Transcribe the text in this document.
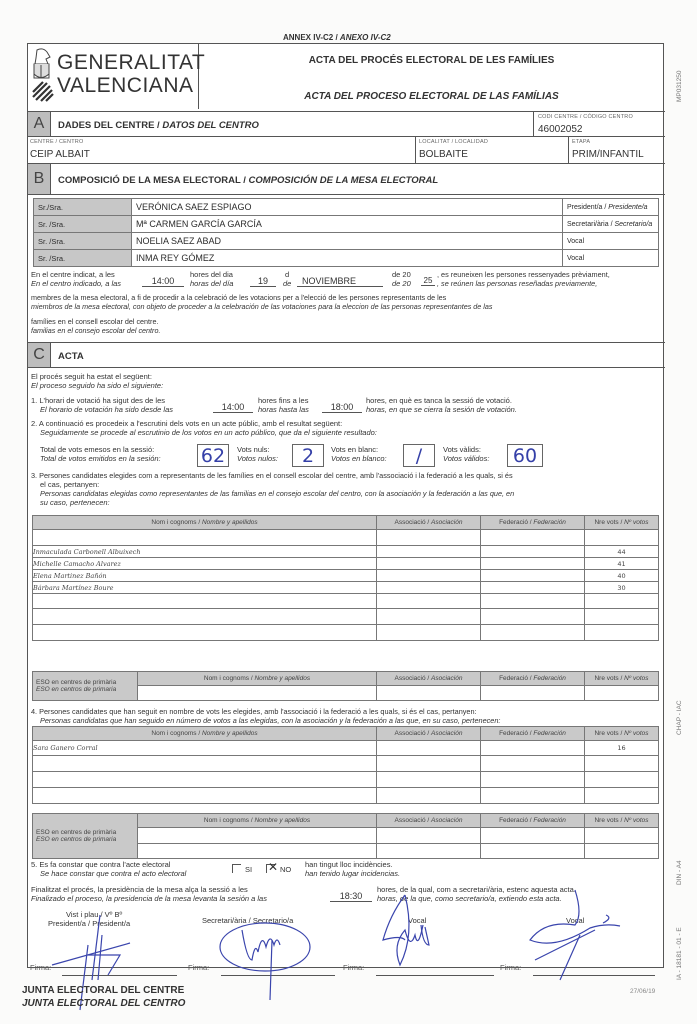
ANNEX IV-C2 / ANEXO IV-C2
GENERALITAT
VALENCIANA
ACTA DEL PROCÉS ELECTORAL DE LES FAMÍLIES
ACTA DEL PROCESO ELECTORAL DE LAS FAMÍLIAS	MP031250
A	DADES DEL CENTRE / DATOS DEL CENTRO
CODI CENTRE / CÓDIGO CENTRO
46002052
CENTRE / CENTRO
CEIP ALBAIT
LOCALITAT / LOCALIDAD
BOLBAITE
ETAPA
PRIM/INFANTIL
B	COMPOSICIÓ DE LA MESA ELECTORAL / COMPOSICIÓN DE LA MESA ELECTORAL
Sr./Sra.	VERÓNICA SAEZ ESPIAGO	President/a / Presidente/a
Sr. /Sra.	Mª CARMEN GARCÍA GARCÍA	Secretari/ària / Secretario/a
Sr. /Sra.	NOELIA SAEZ ABAD	Vocal
Sr. /Sra.	INMA REY GÓMEZ	Vocal
En el centre indicat, a les
En el centro indicado, a las	14:00
hores del dia
horas del día	19
d
de	NOVIEMBRE
de 20
de 20	25
, es reuneixen les persones ressenyades prèviament,
, se reúnen las personas reseñadas previamente,
membres de la mesa electoral, a fi de procedir a la celebració de les votacions per a l'elecció de les persones representants de les
miembros de la mesa electoral, con objeto de proceder a la celebración de las votaciones para la eleccion de las personas representantes de las
famílies en el consell escolar del centre.
familias en el consejo escolar del centro.
C	ACTA
El procés seguit ha estat el següent:
El proceso seguido ha sido el siguiente:
1. L'horari de votació ha sigut des de les
El horario de votación ha sido desde las	14:00
hores fins a les
horas hasta las	18:00
hores, en què es tanca la sessió de votació.
horas, en que se cierra la sesión de votación.
2. A continuació es procedeix a l'escrutini dels vots en un acte públic, amb el resultat següent:
Seguidamente se procede al escrutinio de los votos en un acto público, que da el siguiente resultado:
Total de vots emesos en la sessió:
Total de votos emitidos en la sesión: 62	Vots nuls:
Votos nulos:	2	Vots en blanc:
Votos en blanco:	/	Vots vàlids:
Votos válidos:	60
3. Persones candidates elegides com a representants de les famílies en el consell escolar del centre, amb l'associació i la federació a les quals, si és
el cas, pertanyen:
Personas candidatas elegidas como representantes de las familias en el consejo escolar del centro, con la asociación y la federación a las que, en
su caso, pertenecen:
Nom i cognoms / Nombre y apellidos	Associació / Asociación	Federació / Federación	Nre vots / Nº votos

Inmaculada Carbonell Albuixech			44
Michelle Camacho Alvarez			41
Elena Martinez Bañón			40
Bárbara Martínez Boure			30

ESO en centres de primària
ESO en centros de primaria	Nom i cognoms / Nombre y apellidos	Associació / Asociación	Federació / Federación	Nre vots / Nº votos

4. Persones candidates que han seguit en nombre de vots les elegides, amb l'associació i la federació a les quals, si és el cas, pertanyen:
Personas candidatas que han seguido en número de votos a las elegidas, con la asociación y la federación a las que, en su caso, pertenecen:
Nom i cognoms / Nombre y apellidos	Associació / Asociación	Federació / Federación	Nre vots / Nº votos
Sara Ganero Corral			16

ESO en centres de primària
ESO en centros de primaria	Nom i cognoms / Nombre y apellidos	Associació / Asociación	Federació / Federación	Nre vots / Nº votos

5. Es fa constar que contra l'acte electoral
Se hace constar que contra el acto electoral	SI ✕ NO
han tingut lloc incidències.
han tenido lugar incidencias.
Finalitzat el procés, la presidència de la mesa alça la sessió a les
Finalizado el proceso, la presidencia de la mesa levanta la sesión a las	18:30
hores, de la qual, com a secretari/ària, estenc aquesta acta.
horas, de la que, como secretario/a, extiendo esta acta.
Vist i plau / Vº Bº
President/a / President/a	Secretari/ària / Secretario/a	Vocal	Vocal
Firma:	Firma:	Firma:	Firma:
JUNTA ELECTORAL DEL CENTRE
JUNTA ELECTORAL DEL CENTRO
27/06/19
CHAP - IAC
DIN - A4
IA - 18181 - 01 - E
